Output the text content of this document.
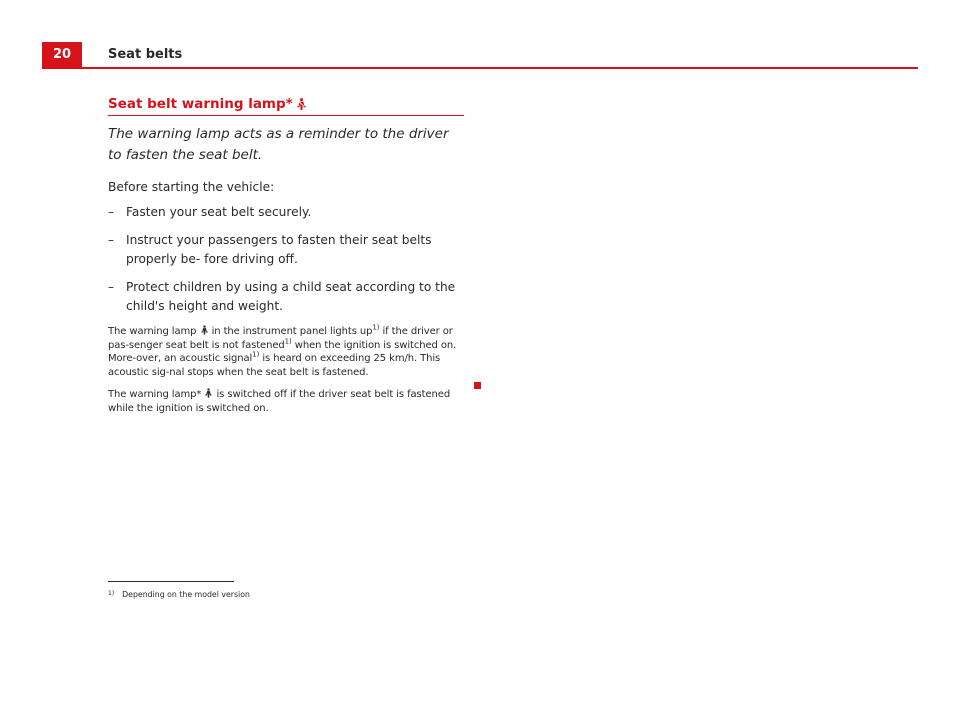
20	Seat belts
Seat belt warning lamp*

The warning lamp acts as a reminder to the driver to fasten the seat belt.

Before starting the vehicle:

– Fasten your seat belt securely.
– Instruct your passengers to fasten their seat belts properly be- fore driving off.
– Protect children by using a child seat according to the child's height and weight.

The warning lamp in the instrument panel lights $up^{1)}$ if the driver or pas-senger seat belt is not fastened$^{1)}$ when the ignition is switched on. More-over, an acoustic signal$^{1)}$ is heard on exceeding 25 km/h. This acoustic sig-nal stops when the seat belt is fastened.

The warning lamp* is switched off if the driver seat belt is fastened while the ignition is switched on.

1) Depending on the model version
